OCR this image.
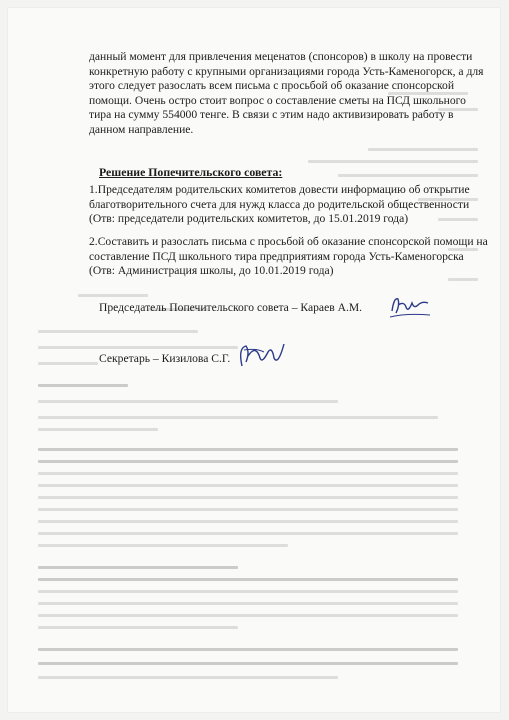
данный момент для привлечения меценатов (спонсоров) в школу на провести конкретную работу с крупными организациями города Усть-Каменогорск, а для этого следует разослать всем письма с просьбой об оказание спонсорской помощи. Очень остро стоит вопрос о составление сметы на ПСД школьного тира на сумму 554000 тенге. В связи с этим надо активизировать работу в данном направление.
Решение Попечительского совета:
1.Председателям родительских комитетов довести информацию об открытие благотворительного счета для нужд класса до родительской общественности (Отв: председатели родительских комитетов, до 15.01.2019 года)
2.Составить и разослать письма с просьбой об оказание спонсорской помощи на составление ПСД школьного тира предприятиям города Усть-Каменогорска (Отв: Администрация школы, до 10.01.2019 года)
Председатель Попечительского совета – Караев А.М.
Секретарь – Кизилова С.Г.
